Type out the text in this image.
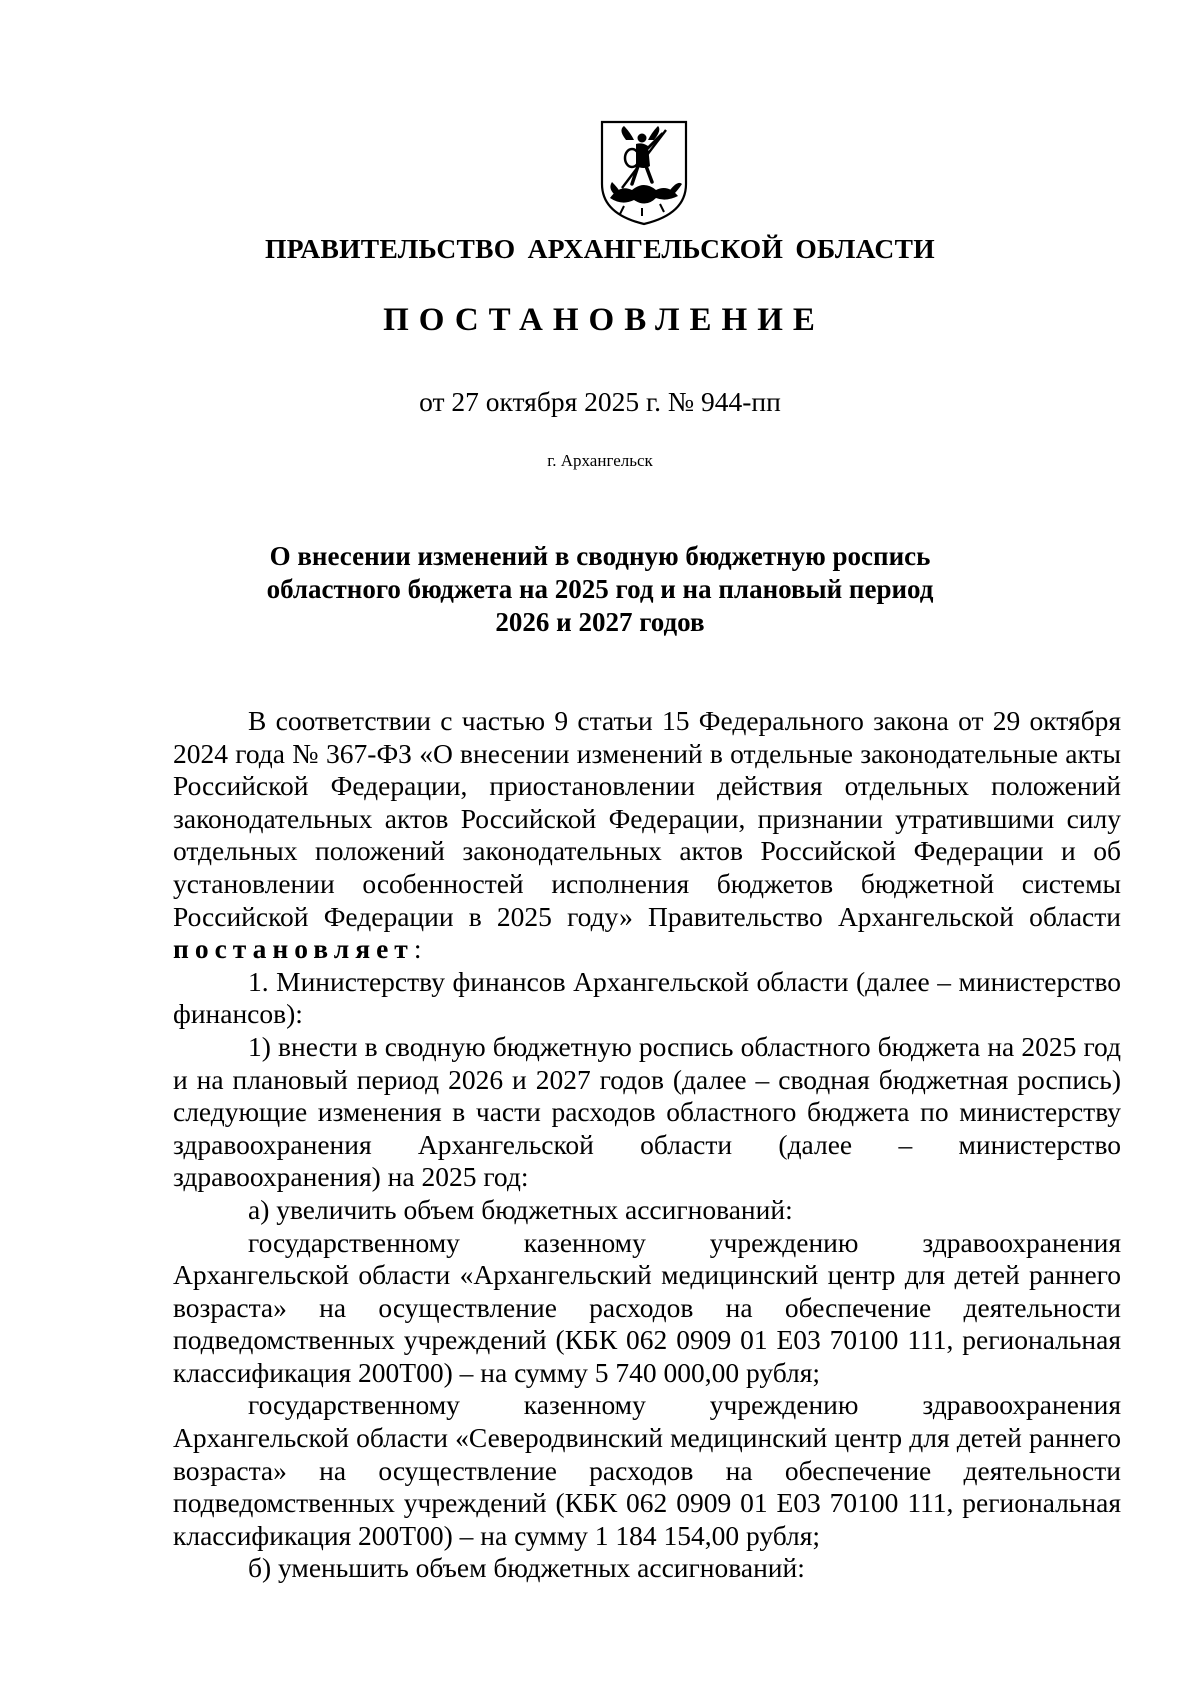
ПРАВИТЕЛЬСТВО АРХАНГЕЛЬСКОЙ ОБЛАСТИ
ПОСТАНОВЛЕНИЕ
от 27 октября 2025 г. № 944-пп
г. Архангельск
О внесении изменений в сводную бюджетную роспись
областного бюджета на 2025 год и на плановый период
2026 и 2027 годов

В соответствии с частью 9 статьи 15 Федерального закона от 29 октября 2024 года № 367-ФЗ «О внесении изменений в отдельные законодательные акты Российской Федерации, приостановлении действия отдельных положений законодательных актов Российской Федерации, признании утратившими силу отдельных положений законодательных актов Российской Федерации и об установлении особенностей исполнения бюджетов бюджетной системы Российской Федерации в 2025 году» Правительство Архангельской области постановляет:

1. Министерству финансов Архангельской области (далее – министерство финансов):

1) внести в сводную бюджетную роспись областного бюджета на 2025 год и на плановый период 2026 и 2027 годов (далее – сводная бюджетная роспись) следующие изменения в части расходов областного бюджета по министерству здравоохранения Архангельской области (далее – министерство здравоохранения) на 2025 год:

а) увеличить объем бюджетных ассигнований:

государственному казенному учреждению здравоохранения Архангельской области «Архангельский медицинский центр для детей раннего возраста» на осуществление расходов на обеспечение деятельности подведомственных учреждений (КБК 062 0909 01 Е03 70100 111, региональная классификация 200Т00) – на сумму 5 740 000,00 рубля;

государственному казенному учреждению здравоохранения Архангельской области «Северодвинский медицинский центр для детей раннего возраста» на осуществление расходов на обеспечение деятельности подведомственных учреждений (КБК 062 0909 01 Е03 70100 111, региональная классификация 200Т00) – на сумму 1 184 154,00 рубля;

б) уменьшить объем бюджетных ассигнований:
